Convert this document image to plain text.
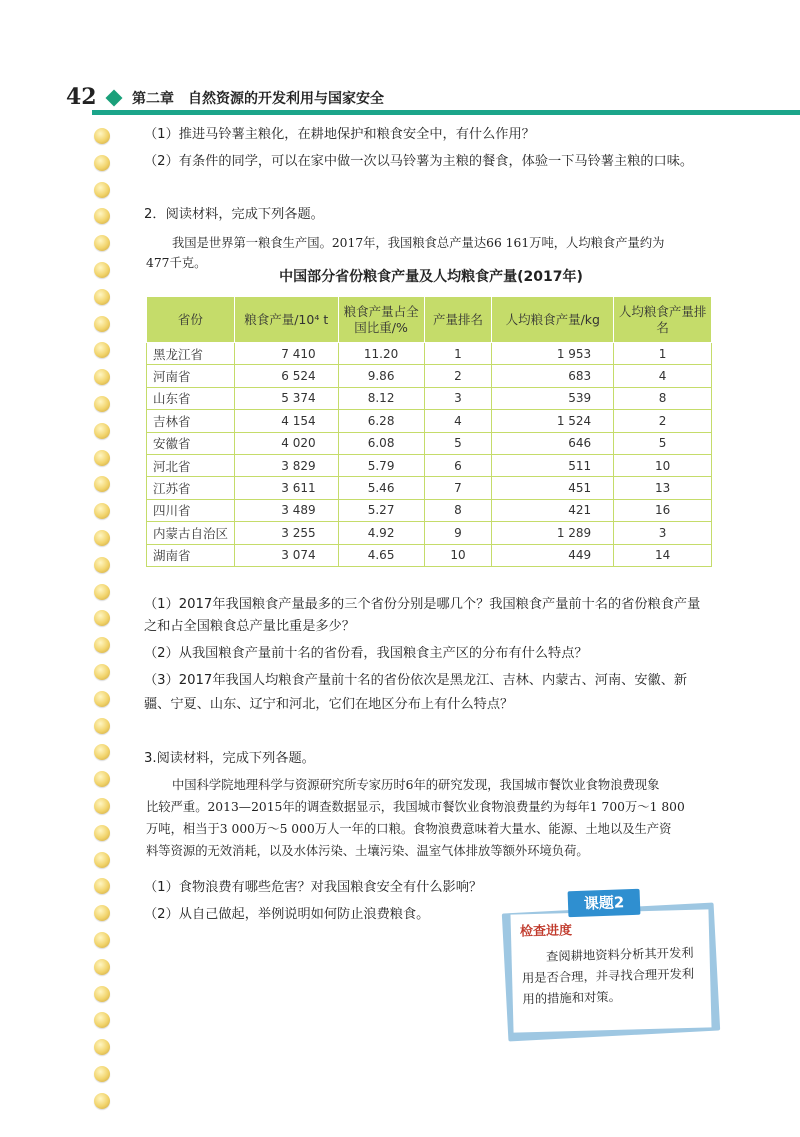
42	第二章　自然资源的开发利用与国家安全
（1）推进马铃薯主粮化，在耕地保护和粮食安全中，有什么作用？
（2）有条件的同学，可以在家中做一次以马铃薯为主粮的餐食，体验一下马铃薯主粮的口味。
2．阅读材料，完成下列各题。
我国是世界第一粮食生产国。2017年，我国粮食总产量达66 161万吨，人均粮食产量约为
477千克。
中国部分省份粮食产量及人均粮食产量(2017年)
省份	粮食产量/10⁴ t	粮食产量占全国比重/%	产量排名	人均粮食产量/kg	人均粮食产量排名
黑龙江省	7 410	11.20	1	1 953	1
河南省	6 524	9.86	2	683	4
山东省	5 374	8.12	3	539	8
吉林省	4 154	6.28	4	1 524	2
安徽省	4 020	6.08	5	646	5
河北省	3 829	5.79	6	511	10
江苏省	3 611	5.46	7	451	13
四川省	3 489	5.27	8	421	16
内蒙古自治区	3 255	4.92	9	1 289	3
湖南省	3 074	4.65	10	449	14
（1）2017年我国粮食产量最多的三个省份分别是哪几个？我国粮食产量前十名的省份粮食产量
之和占全国粮食总产量比重是多少？
（2）从我国粮食产量前十名的省份看，我国粮食主产区的分布有什么特点？
（3）2017年我国人均粮食产量前十名的省份依次是黑龙江、吉林、内蒙古、河南、安徽、新
疆、宁夏、山东、辽宁和河北，它们在地区分布上有什么特点？
3.阅读材料，完成下列各题。
中国科学院地理科学与资源研究所专家历时6年的研究发现，我国城市餐饮业食物浪费现象
比较严重。2013—2015年的调查数据显示，我国城市餐饮业食物浪费量约为每年1 700万～1 800
万吨，相当于3 000万～5 000万人一年的口粮。食物浪费意味着大量水、能源、土地以及生产资
料等资源的无效消耗，以及水体污染、土壤污染、温室气体排放等额外环境负荷。
（1）食物浪费有哪些危害？对我国粮食安全有什么影响？
（2）从自己做起，举例说明如何防止浪费粮食。
课题2
检查进度
查阅耕地资料分析其开发利用是否合理，并寻找合理开发利用的措施和对策。
